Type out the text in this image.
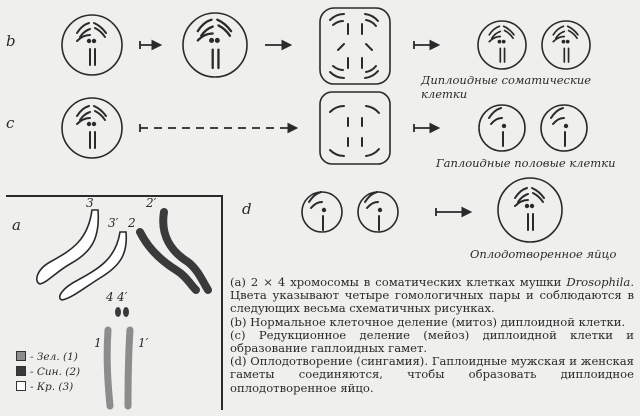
b
c
a
d
Диплоидные соматические клетки
Гаплоидные половые клетки
Оплодотворенное яйцо
3
3′ 2
2′
4 4′
1	1′
- Зел. (1)
- Син. (2)
- Кр. (3)

(a) 2 × 4 хромосомы в соматических клетках мушки Drosophila. Цвета указывают четыре гомологичных пары и соблюдаются в следующих весьма схематичных рисунках.

(b) Нормальное клеточное деление (митоз) диплоидной клетки.

(c) Редукционное деление (мейоз) диплоидной клетки и образование гаплоидных гамет.

(d) Оплодотворение (сингамия). Гаплоидные мужская и женская гаметы соединяются, чтобы образовать диплоидное оплодотворенное яйцо.
